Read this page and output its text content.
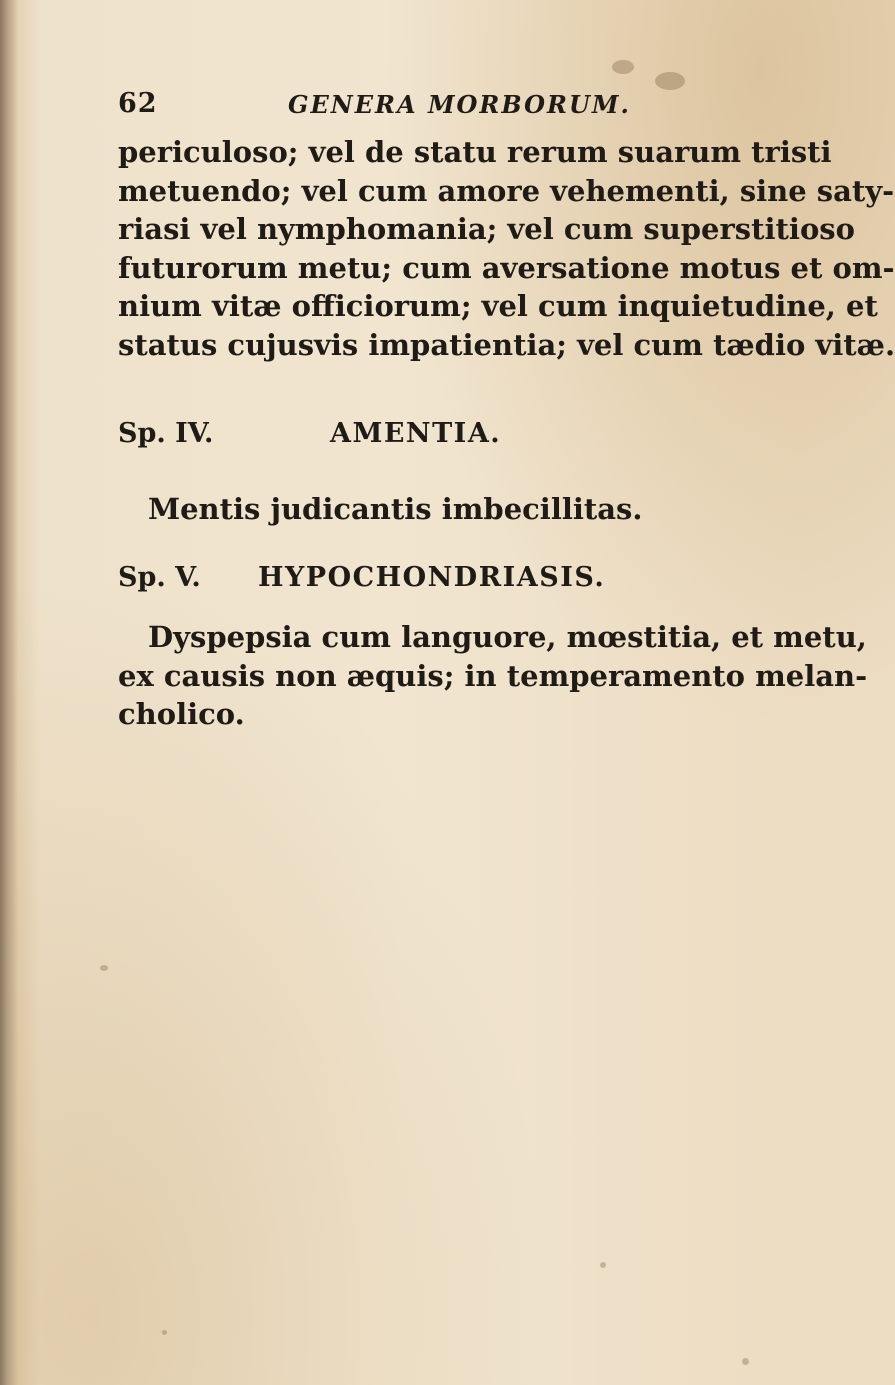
62	GENERA MORBORUM.
periculoso; vel de statu rerum suarum tristi
metuendo; vel cum amore vehementi, sine saty-
riasi vel nymphomania; vel cum superstitioso
futurorum metu; cum aversatione motus et om-
nium vitæ officiorum; vel cum inquietudine, et
status cujusvis impatientia; vel cum tædio vitæ.
Sp. IV.	AMENTIA.
Mentis judicantis imbecillitas.
Sp. V. HYPOCHONDRIASIS.
Dyspepsia cum languore, mœstitia, et metu,
ex causis non æquis; in temperamento melan-
cholico.
